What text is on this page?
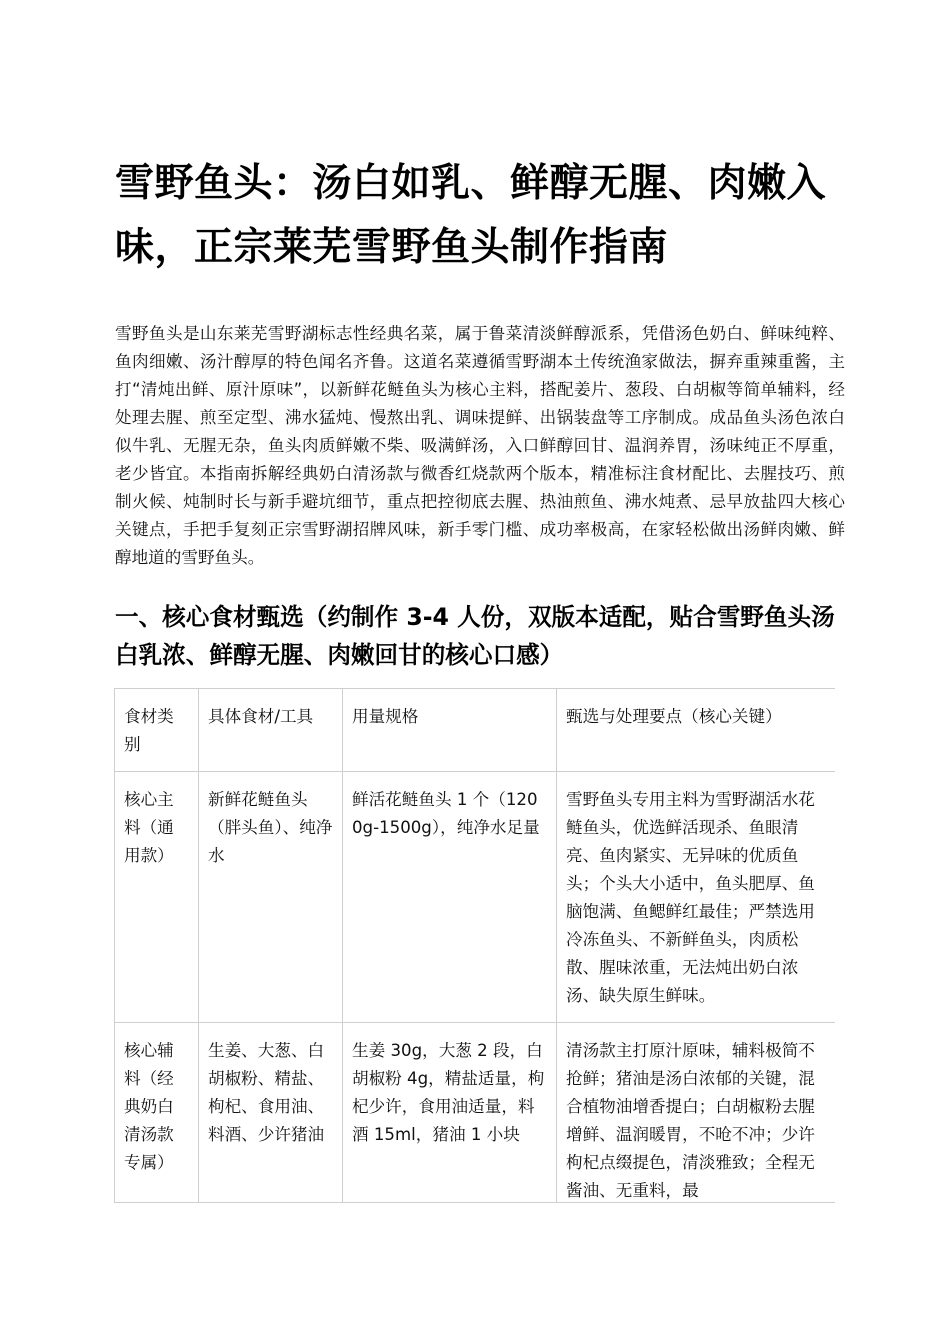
雪野鱼头：汤白如乳、鲜醇无腥、肉嫩入味，正宗莱芜雪野鱼头制作指南

雪野鱼头是山东莱芜雪野湖标志性经典名菜，属于鲁菜清淡鲜醇派系，凭借汤色奶白、鲜味纯粹、鱼肉细嫩、汤汁醇厚的特色闻名齐鲁。这道名菜遵循雪野湖本土传统渔家做法，摒弃重辣重酱，主打“清炖出鲜、原汁原味”，以新鲜花鲢鱼头为核心主料，搭配姜片、葱段、白胡椒等简单辅料，经处理去腥、煎至定型、沸水猛炖、慢熬出乳、调味提鲜、出锅装盘等工序制成。成品鱼头汤色浓白似牛乳、无腥无杂，鱼头肉质鲜嫩不柴、吸满鲜汤，入口鲜醇回甘、温润养胃，汤味纯正不厚重，老少皆宜。本指南拆解经典奶白清汤款与微香红烧款两个版本，精准标注食材配比、去腥技巧、煎制火候、炖制时长与新手避坑细节，重点把控彻底去腥、热油煎鱼、沸水炖煮、忌早放盐四大核心关键点，手把手复刻正宗雪野湖招牌风味，新手零门槛、成功率极高，在家轻松做出汤鲜肉嫩、鲜醇地道的雪野鱼头。

一、核心食材甄选（约制作 3-4 人份，双版本适配，贴合雪野鱼头汤白乳浓、鲜醇无腥、肉嫩回甘的核心口感）
食材类别	具体食材/工具	用量规格	甄选与处理要点（核心关键）
核心主料（通用款）	新鲜花鲢鱼头（胖头鱼）、纯净水	鲜活花鲢鱼头 1 个（1200g-1500g），纯净水足量	雪野鱼头专用主料为雪野湖活水花鲢鱼头，优选鲜活现杀、鱼眼清亮、鱼肉紧实、无异味的优质鱼头；个头大小适中，鱼头肥厚、鱼脑饱满、鱼鳃鲜红最佳；严禁选用冷冻鱼头、不新鲜鱼头，肉质松散、腥味浓重，无法炖出奶白浓汤、缺失原生鲜味。
核心辅料（经典奶白清汤款专属）	生姜、大葱、白胡椒粉、精盐、枸杞、食用油、料酒、少许猪油	生姜 30g，大葱 2 段，白胡椒粉 4g，精盐适量，枸杞少许，食用油适量，料酒 15ml，猪油 1 小块	清汤款主打原汁原味，辅料极简不抢鲜；猪油是汤白浓郁的关键，混合植物油增香提白；白胡椒粉去腥增鲜、温润暖胃，不呛不冲；少许枸杞点缀提色，清淡雅致；全程无酱油、无重料，最
